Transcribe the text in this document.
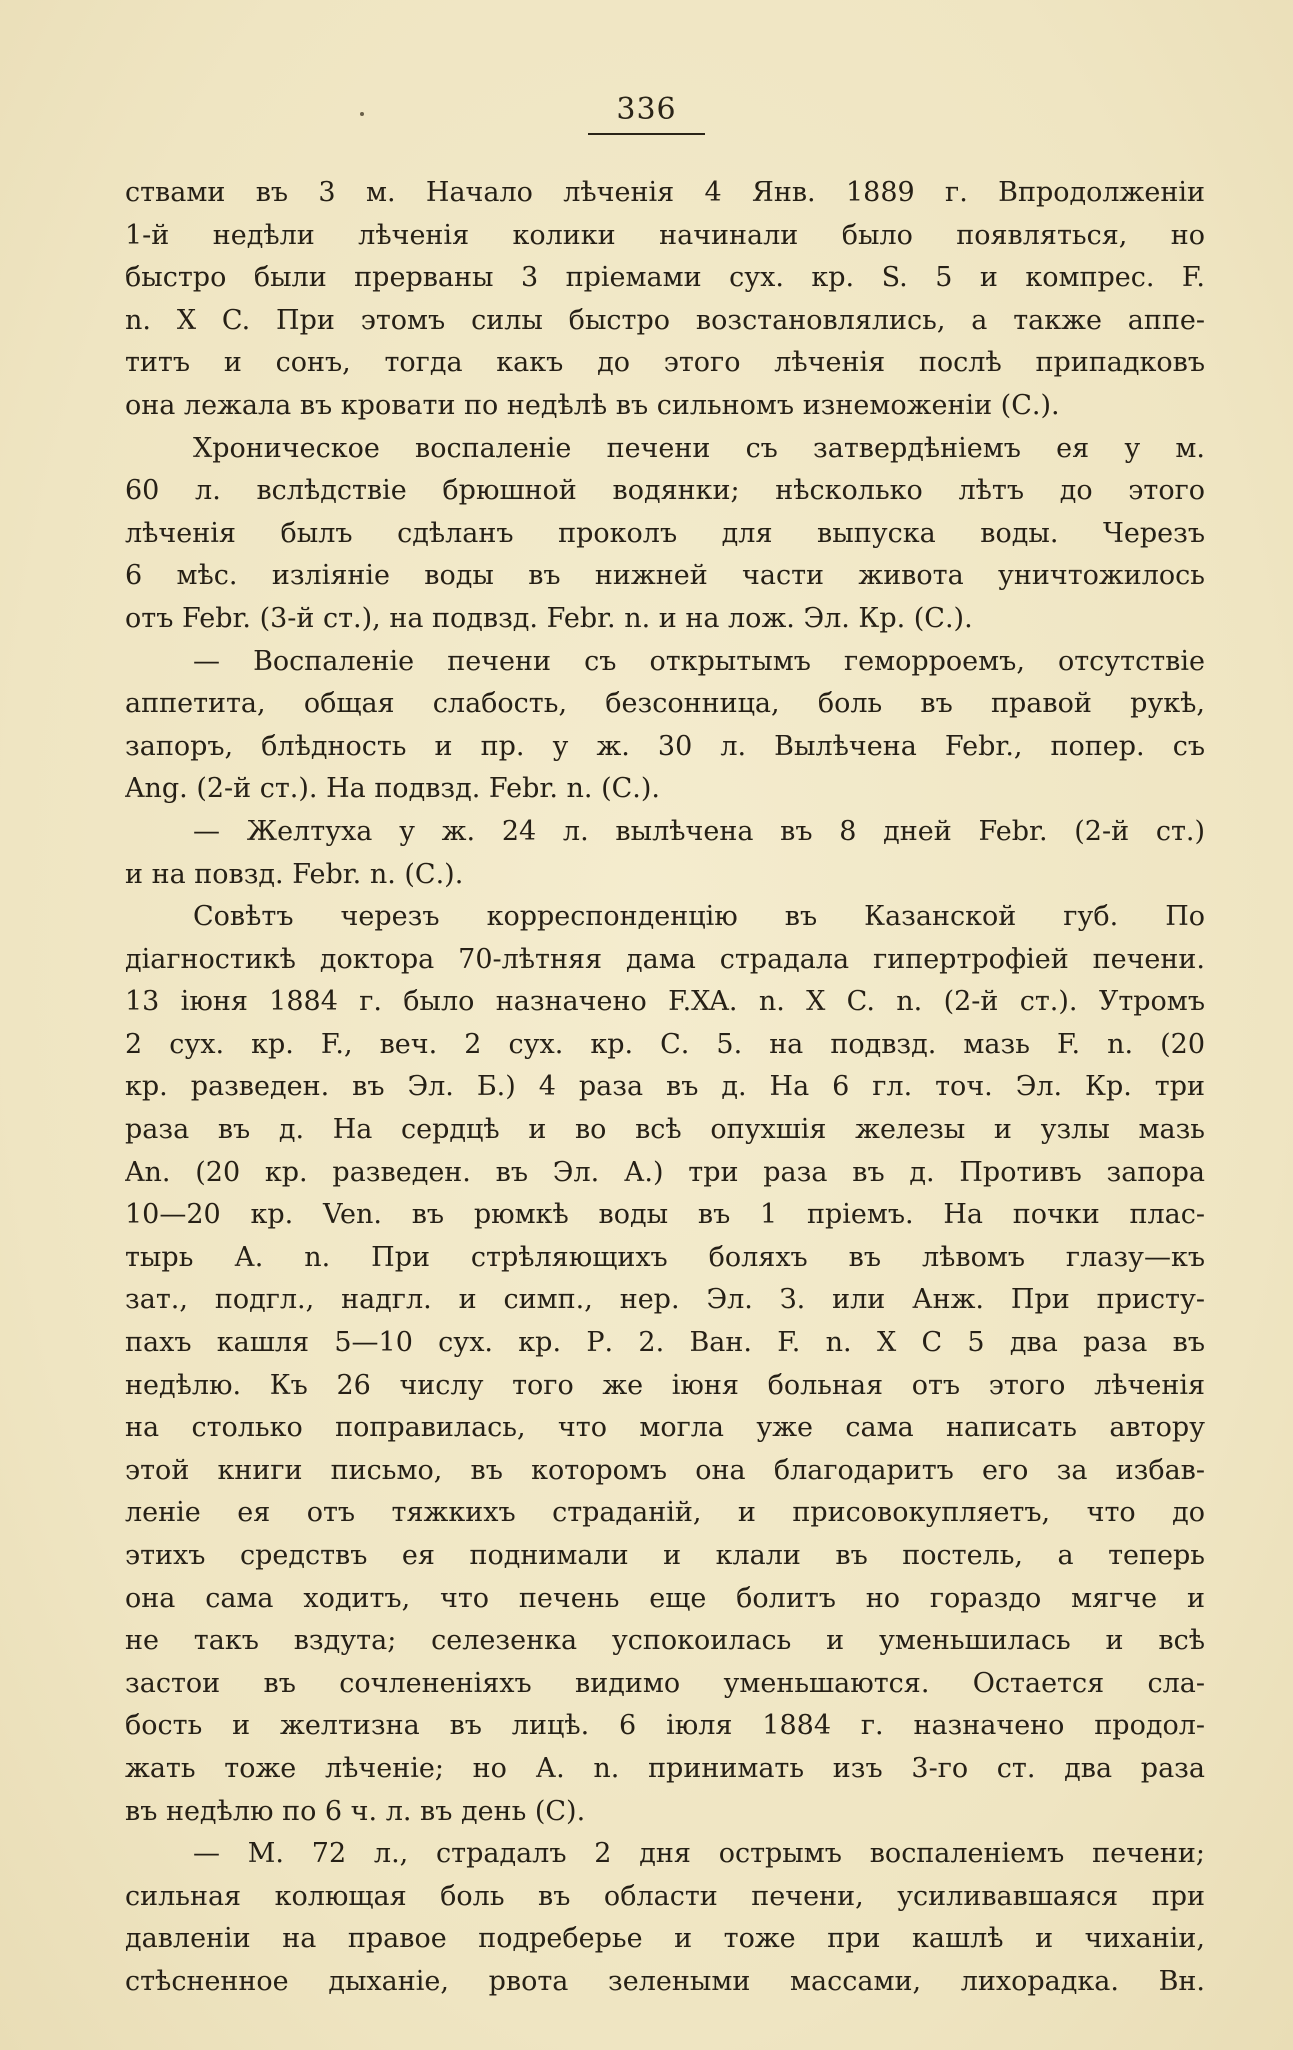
336
ствами въ 3 м. Начало лѣченія 4 Янв. 1889 г. Впродолженіи
1-й недѣли лѣченія колики начинали было появляться, но
быстро были прерваны 3 пріемами сух. кр. S. 5 и компрес. F.
n. X C. При этомъ силы быстро возстановлялись, а также аппе-
титъ и сонъ, тогда какъ до этого лѣченія послѣ припадковъ
она лежала въ кровати по недѣлѣ въ сильномъ изнеможеніи (С.).
Хроническое воспаленіе печени съ затвердѣніемъ ея у м.
60 л. вслѣдствіе брюшной водянки; нѣсколько лѣтъ до этого
лѣченія былъ сдѣланъ проколъ для выпуска воды. Черезъ
6 мѣс. изліяніе воды въ нижней части живота уничтожилось
отъ Febr. (3-й ст.), на подвзд. Febr. n. и на лож. Эл. Кр. (С.).
— Воспаленіе печени съ открытымъ геморроемъ, отсутствіе
аппетита, общая слабость, безсонница, боль въ правой рукѣ,
запоръ, блѣдность и пр. у ж. 30 л. Вылѣчена Febr., попер. съ
Ang. (2-й ст.). На подвзд. Febr. n. (С.).
— Желтуха у ж. 24 л. вылѣчена въ 8 дней Febr. (2-й ст.)
и на повзд. Febr. n. (С.).
Совѣтъ черезъ корреспонденцію въ Казанской губ. По
діагностикѣ доктора 70-лѣтняя дама страдала гипертрофіей печени.
13 іюня 1884 г. было назначено F.XA. n. X C. n. (2-й ст.). Утромъ
2 сух. кр. F., веч. 2 сух. кр. С. 5. на подвзд. мазь F. n. (20
кр. разведен. въ Эл. Б.) 4 раза въ д. На 6 гл. точ. Эл. Кр. три
раза въ д. На сердцѣ и во всѣ опухшія железы и узлы мазь
An. (20 кр. разведен. въ Эл. А.) три раза въ д. Противъ запора
10—20 кр. Ven. въ рюмкѣ воды въ 1 пріемъ. На почки плас-
тырь А. n. При стрѣляющихъ боляхъ въ лѣвомъ глазу—къ
зат., подгл., надгл. и симп., нер. Эл. З. или Анж. При присту-
пахъ кашля 5—10 сух. кр. Р. 2. Ван. F. n. X C 5 два раза въ
недѣлю. Къ 26 числу того же іюня больная отъ этого лѣченія
на столько поправилась, что могла уже сама написать автору
этой книги письмо, въ которомъ она благодаритъ его за избав-
леніе ея отъ тяжкихъ страданій, и присовокупляетъ, что до
этихъ средствъ ея поднимали и клали въ постель, а теперь
она сама ходитъ, что печень еще болитъ но гораздо мягче и
не такъ вздута; селезенка успокоилась и уменьшилась и всѣ
застои въ сочлененіяхъ видимо уменьшаются. Остается сла-
бость и желтизна въ лицѣ. 6 іюля 1884 г. назначено продол-
жать тоже лѣченіе; но А. n. принимать изъ 3-го ст. два раза
въ недѣлю по 6 ч. л. въ день (С).
— М. 72 л., страдалъ 2 дня острымъ воспаленіемъ печени;
сильная колющая боль въ области печени, усиливавшаяся при
давленіи на правое подреберье и тоже при кашлѣ и чиханіи,
стѣсненное дыханіе, рвота зелеными массами, лихорадка. Вн.
